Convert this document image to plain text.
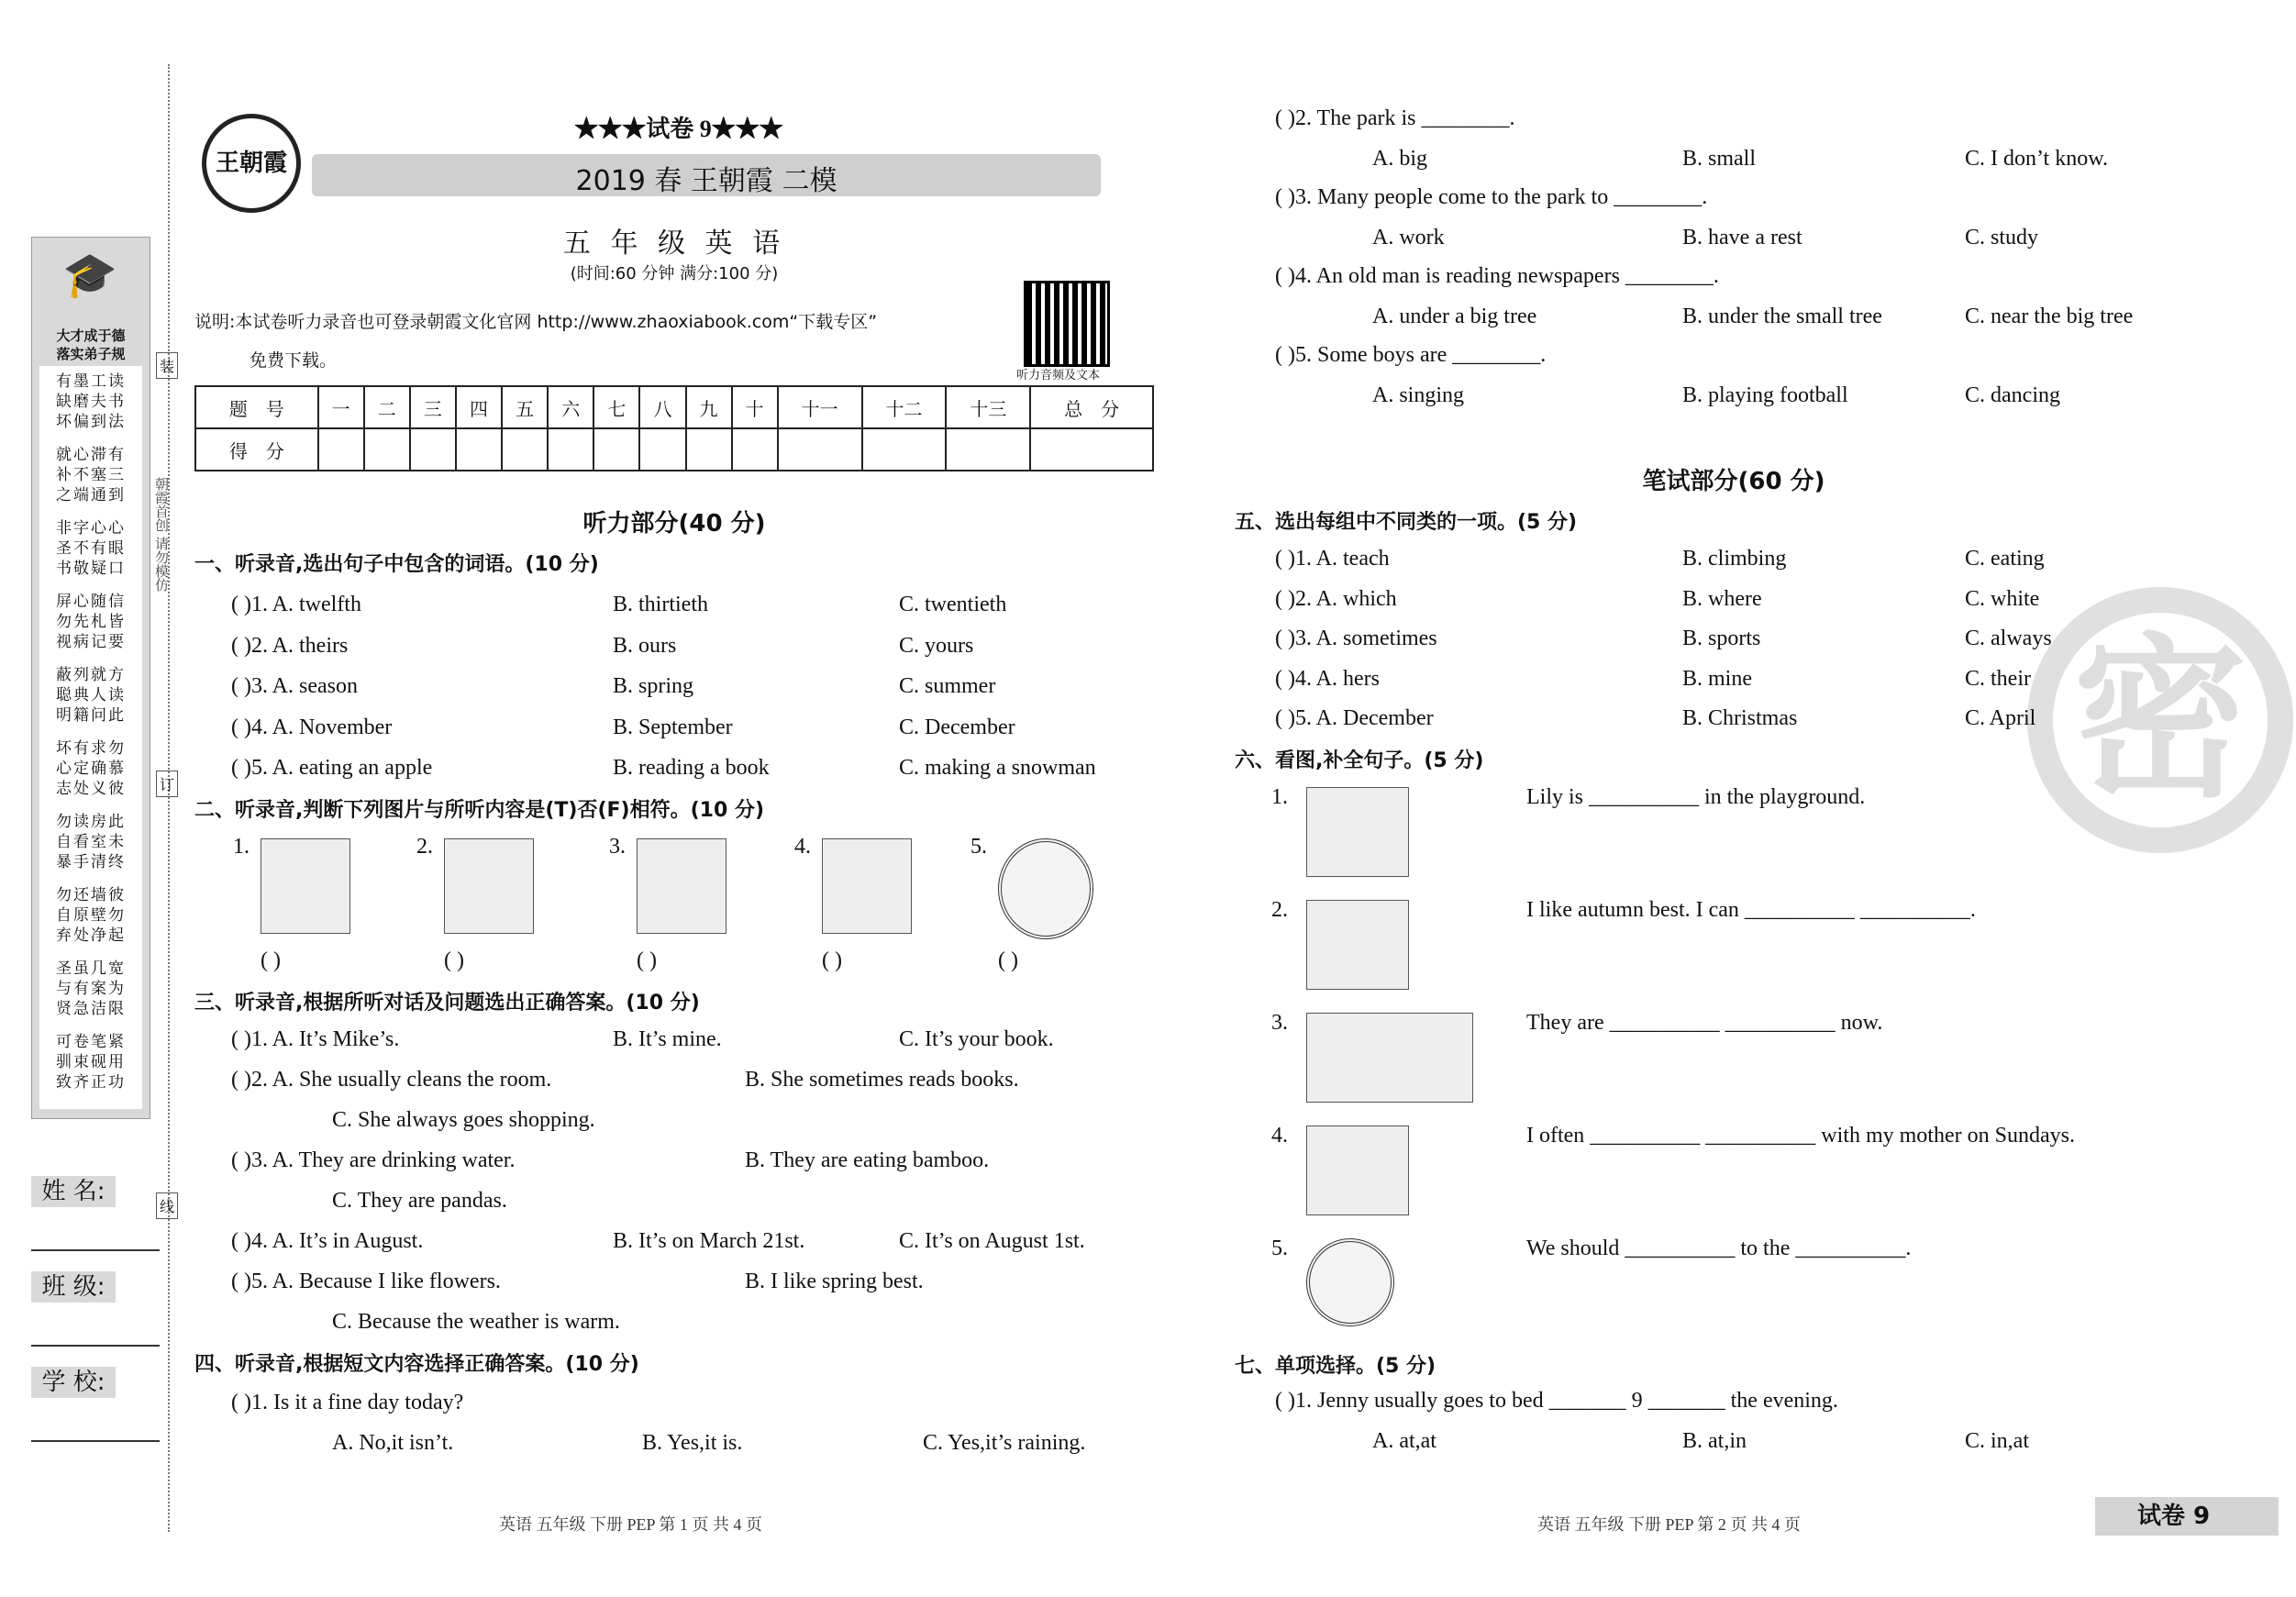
🎓
大才成于德
落实弟子规
有墨工读
缺磨夫书
坏偏到法
就心滞有
补不塞三
之端通到
非字心心
圣不有眼
书敬疑口
屏心随信
勿先札皆
视病记要
蔽列就方
聪典人读
明籍问此
坏有求勿
心定确慕
志处义彼
勿读房此
自看室未
暴手清终
勿还墙彼
自原壁勿
弃处净起
圣虽几宽
与有案为
贤急洁限
可卷笔紧
驯束砚用
致齐正功
朝霞首创 请勿模仿
装
订
线
姓 名:
班 级:
学 校:
★★★试卷 9★★★
2019 春 王朝霞 二模
王朝霞
五 年 级 英 语
(时间:60 分钟 满分:100 分)
说明:本试卷听力录音也可登录朝霞文化官网 http://www.zhaoxiabook.com“下载专区”
免费下载。
听力音频及文本
题　号	一	二	三	四	五	六	七	八	九	十	十一	十二	十三	总　分
得　分														
听力部分(40 分)
一、听录音,选出句子中包含的词语。(10 分)
( )1. A. twelfth	B. thirtieth	C. twentieth
( )2. A. theirs	B. ours	C. yours
( )3. A. season	B. spring	C. summer
( )4. A. November	B. September	C. December
( )5. A. eating an apple	B. reading a book	C. making a snowman
二、听录音,判断下列图片与所听内容是(T)否(F)相符。(10 分)
1.
( )
2.
( )
3.
( )
4.
( )
5.
( )
三、听录音,根据所听对话及问题选出正确答案。(10 分)
( )1. A. It’s Mike’s.	B. It’s mine.	C. It’s your book.
( )2. A. She usually cleans the room.	B. She sometimes reads books.
C. She always goes shopping.
( )3. A. They are drinking water.	B. They are eating bamboo.
C. They are pandas.
( )4. A. It’s in August.	B. It’s on March 21st.	C. It’s on August 1st.
( )5. A. Because I like flowers.	B. I like spring best.
C. Because the weather is warm.
四、听录音,根据短文内容选择正确答案。(10 分)
( )1. Is it a fine day today?
A. No,it isn’t.	B. Yes,it is.	C. Yes,it’s raining.
( )2. The park is ________.
A. big	B. small	C. I don’t know.
( )3. Many people come to the park to ________.
A. work	B. have a rest	C. study
( )4. An old man is reading newspapers ________.
A. under a big tree	B. under the small tree	C. near the big tree
( )5. Some boys are ________.
A. singing	B. playing football	C. dancing
笔试部分(60 分)
五、选出每组中不同类的一项。(5 分)
( )1. A. teach	B. climbing	C. eating
( )2. A. which	B. where	C. white
( )3. A. sometimes	B. sports	C. always
( )4. A. hers	B. mine	C. their
( )5. A. December	B. Christmas	C. April
六、看图,补全句子。(5 分)
1.	Lily is __________ in the playground.
2.	I like autumn best. I can __________ __________.
3.	They are __________ __________ now.
4.	I often __________ __________ with my mother on Sundays.
5.	We should __________ to the __________.
七、单项选择。(5 分)
( )1. Jenny usually goes to bed _______ 9 _______ the evening.
A. at,at	B. at,in	C. in,at
密
英语 五年级 下册 PEP 第 1 页 共 4 页	英语 五年级 下册 PEP 第 2 页 共 4 页	试卷 9
